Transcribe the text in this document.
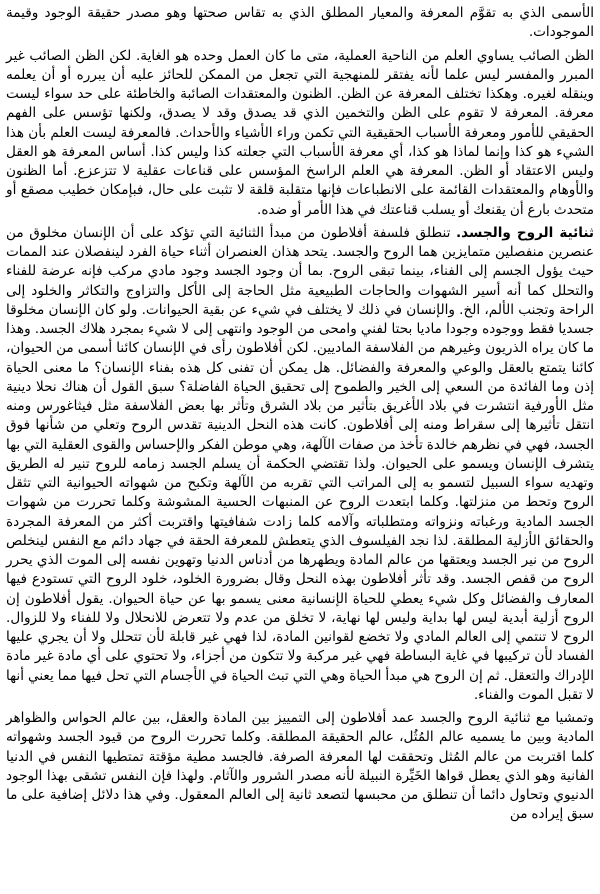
الأسمى الذي به تقوَّم المعرفة والمعيار المطلق الذي به تقاس صحتها وهو مصدر حقيقة الوجود وقيمة الموجودات.

الظن الصائب يساوي العلم من الناحية العملية، متى ما كان العمل وحده هو الغاية. لكن الظن الصائب غير المبرر والمفسر ليس علما لأنه يفتقر للمنهجية التي تجعل من الممكن للحائز عليه أن يبرره أو أن يعلمه وينقله لغيره. وهكذا تختلف المعرفة عن الظن. الظنون والمعتقدات الصائبة والخاطئة على حد سواء ليست معرفة. المعرفة لا تقوم على الظن والتخمين الذي قد يصدق وقد لا يصدق، ولكنها تؤسس على الفهم الحقيقي للأمور ومعرفة الأسباب الحقيقية التي تكمن وراء الأشياء والأحداث. فالمعرفة ليست العلم بأن هذا الشيء هو كذا وإنما لماذا هو كذا، أي معرفة الأسباب التي جعلته كذا وليس كذا. أساس المعرفة هو العقل وليس الاعتقاد أو الظن. المعرفة هي العلم الراسخ المؤسس على قناعات عقلية لا تتزعزع. أما الظنون والأوهام والمعتقدات القائمة على الانطباعات فإنها متقلبة قلقة لا تثبت على حال، فبإمكان خطيب مصقع أو متحدث بارع أن يقنعك أو يسلب قناعتك في هذا الأمر أو ضده.

ثنائية الروح والجسد. تنطلق فلسفة أفلاطون من مبدأ الثنائية التي تؤكد على أن الإنسان مخلوق من عنصرين منفصلين متمايزين هما الروح والجسد. يتحد هذان العنصران أثناء حياة الفرد لينفصلان عند الممات حيث يؤول الجسم إلى الفناء، بينما تبقى الروح. بما أن وجود الجسد وجود مادي مركب فإنه عرضة للفناء والتحلل كما أنه أسير الشهوات والحاجات الطبيعية مثل الحاجة إلى الأكل والتزاوج والتكاثر والخلود إلى الراحة وتجنب الألم، الخ. والإنسان في ذلك لا يختلف في شيء عن بقية الحيوانات. ولو كان الإنسان مخلوقا جسديا فقط ووجوده وجودا ماديا بحتا لفني وامحى من الوجود وانتهى إلى لا شيء بمجرد هلاك الجسد. وهذا ما كان يراه الذريون وغيرهم من الفلاسفة الماديين. لكن أفلاطون رأى في الإنسان كائنا أسمى من الحيوان، كائنا يتمتع بالعقل والوعي والمعرفة والفضائل. هل يمكن أن تفنى كل هذه بفناء الإنسان؟ ما معنى الحياة إذن وما الفائدة من السعي إلى الخير والطموح إلى تحقيق الحياة الفاضلة؟ سبق القول أن هناك نحلا دينية مثل الأورفية انتشرت في بلاد الأغريق بتأثير من بلاد الشرق وتأثر بها بعض الفلاسفة مثل فيثاغورس ومنه انتقل تأثيرها إلى سقراط ومنه إلى أفلاطون. كانت هذه النحل الدينية تقدس الروح وتعلي من شأنها فوق الجسد، فهي في نظرهم خالدة تأخذ من صفات الآلهة، وهي موطن الفكر والإحساس والقوى العقلية التي بها يتشرف الإنسان ويسمو على الحيوان. ولذا تقتضي الحكمة أن يسلم الجسد زمامه للروح تنير له الطريق وتهديه سواء السبيل لتسمو به إلى المراتب التي تقربه من الآلهة وتكبح من شهواته الحيوانية التي تثقل الروح وتحط من منزلتها. وكلما ابتعدت الروح عن المنبهات الحسية المشوشة وكلما تحررت من شهوات الجسد المادية ورغباته ونزواته ومتطلباته وآلامه كلما زادت شفافيتها واقتربت أكثر من المعرفة المجردة والحقائق الأزلية المطلقة. لذا نجد الفيلسوف الذي يتعطش للمعرفة الحقة في جهاد دائم مع النفس لينخلص الروح من نير الجسد ويعتقها من عالم المادة ويطهرها من أدناس الدنيا وتهوين نفسه إلى الموت الذي يحرر الروح من قفص الجسد. وقد تأثر أفلاطون بهذه النحل وقال بضرورة الخلود، خلود الروح التي تستودع فيها المعارف والفضائل وكل شيء يعطي للحياة الإنسانية معنى يسمو بها عن حياة الحيوان. يقول أفلاطون إن الروح أزلية أبدية ليس لها بداية وليس لها نهاية، لا تخلق من عدم ولا تتعرض للانحلال ولا للفناء ولا للزوال. الروح لا تنتمي إلى العالم المادي ولا تخضع لقوانين المادة، لذا فهي غير قابلة لأن تتحلل ولا أن يجري عليها الفساد لأن تركيبها في غاية البساطة فهي غير مركبة ولا تتكون من أجزاء، ولا تحتوي على أي مادة غير مادة الإدراك والتعقل. ثم إن الروح هي مبدأ الحياة وهي التي تبث الحياة في الأجسام التي تحل فيها مما يعني أنها لا تقبل الموت والفناء.

وتمشيا مع ثنائية الروح والجسد عمد أفلاطون إلى التمييز بين المادة والعقل، بين عالم الحواس والظواهر المادية وبين ما يسميه عالم المُثُل، عالم الحقيقة المطلقة. وكلما تحررت الروح من قيود الجسد وشهواته كلما اقتربت من عالم المُثل وتحققت لها المعرفة الصرفة. فالجسد مطية مؤقتة تمتطيها النفس في الدنيا الفانية وهو الذي يعطل قواها الخَيِّرة النبيلة لأنه مصدر الشرور والآثام. ولهذا فإن النفس تشقى بهذا الوجود الدنيوي وتحاول دائما أن تنطلق من محبسها لتصعد ثانية إلى العالم المعقول. وفي هذا دلائل إضافية على ما سبق إيراده من
